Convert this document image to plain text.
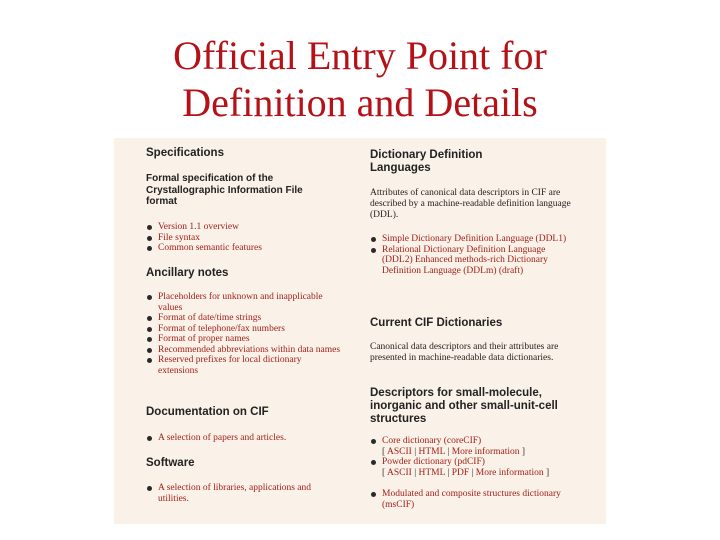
Official Entry Point for
Definition and Details
Specifications
Formal specification of the Crystallographic Information File format
Version 1.1 overview
File syntax
Common semantic features
Ancillary notes
Placeholders for unknown and inapplicable values
Format of date/time strings
Format of telephone/fax numbers
Format of proper names
Recommended abbreviations within data names
Reserved prefixes for local dictionary extensions
Documentation on CIF
A selection of papers and articles.
Software
A selection of libraries, applications and utilities.
Dictionary Definition Languages
Attributes of canonical data descriptors in CIF are described by a machine-readable definition language (DDL).
Simple Dictionary Definition Language (DDL1)
Relational Dictionary Definition Language (DDL2) Enhanced methods-rich Dictionary Definition Language (DDLm) (draft)
Current CIF Dictionaries
Canonical data descriptors and their attributes are presented in machine-readable data dictionaries.
Descriptors for small-molecule, inorganic and other small-unit-cell structures
Core dictionary (coreCIF)
[ ASCII | HTML | More information ]
Powder dictionary (pdCIF)
[ ASCII | HTML | PDF | More information ]
Modulated and composite structures dictionary (msCIF)
